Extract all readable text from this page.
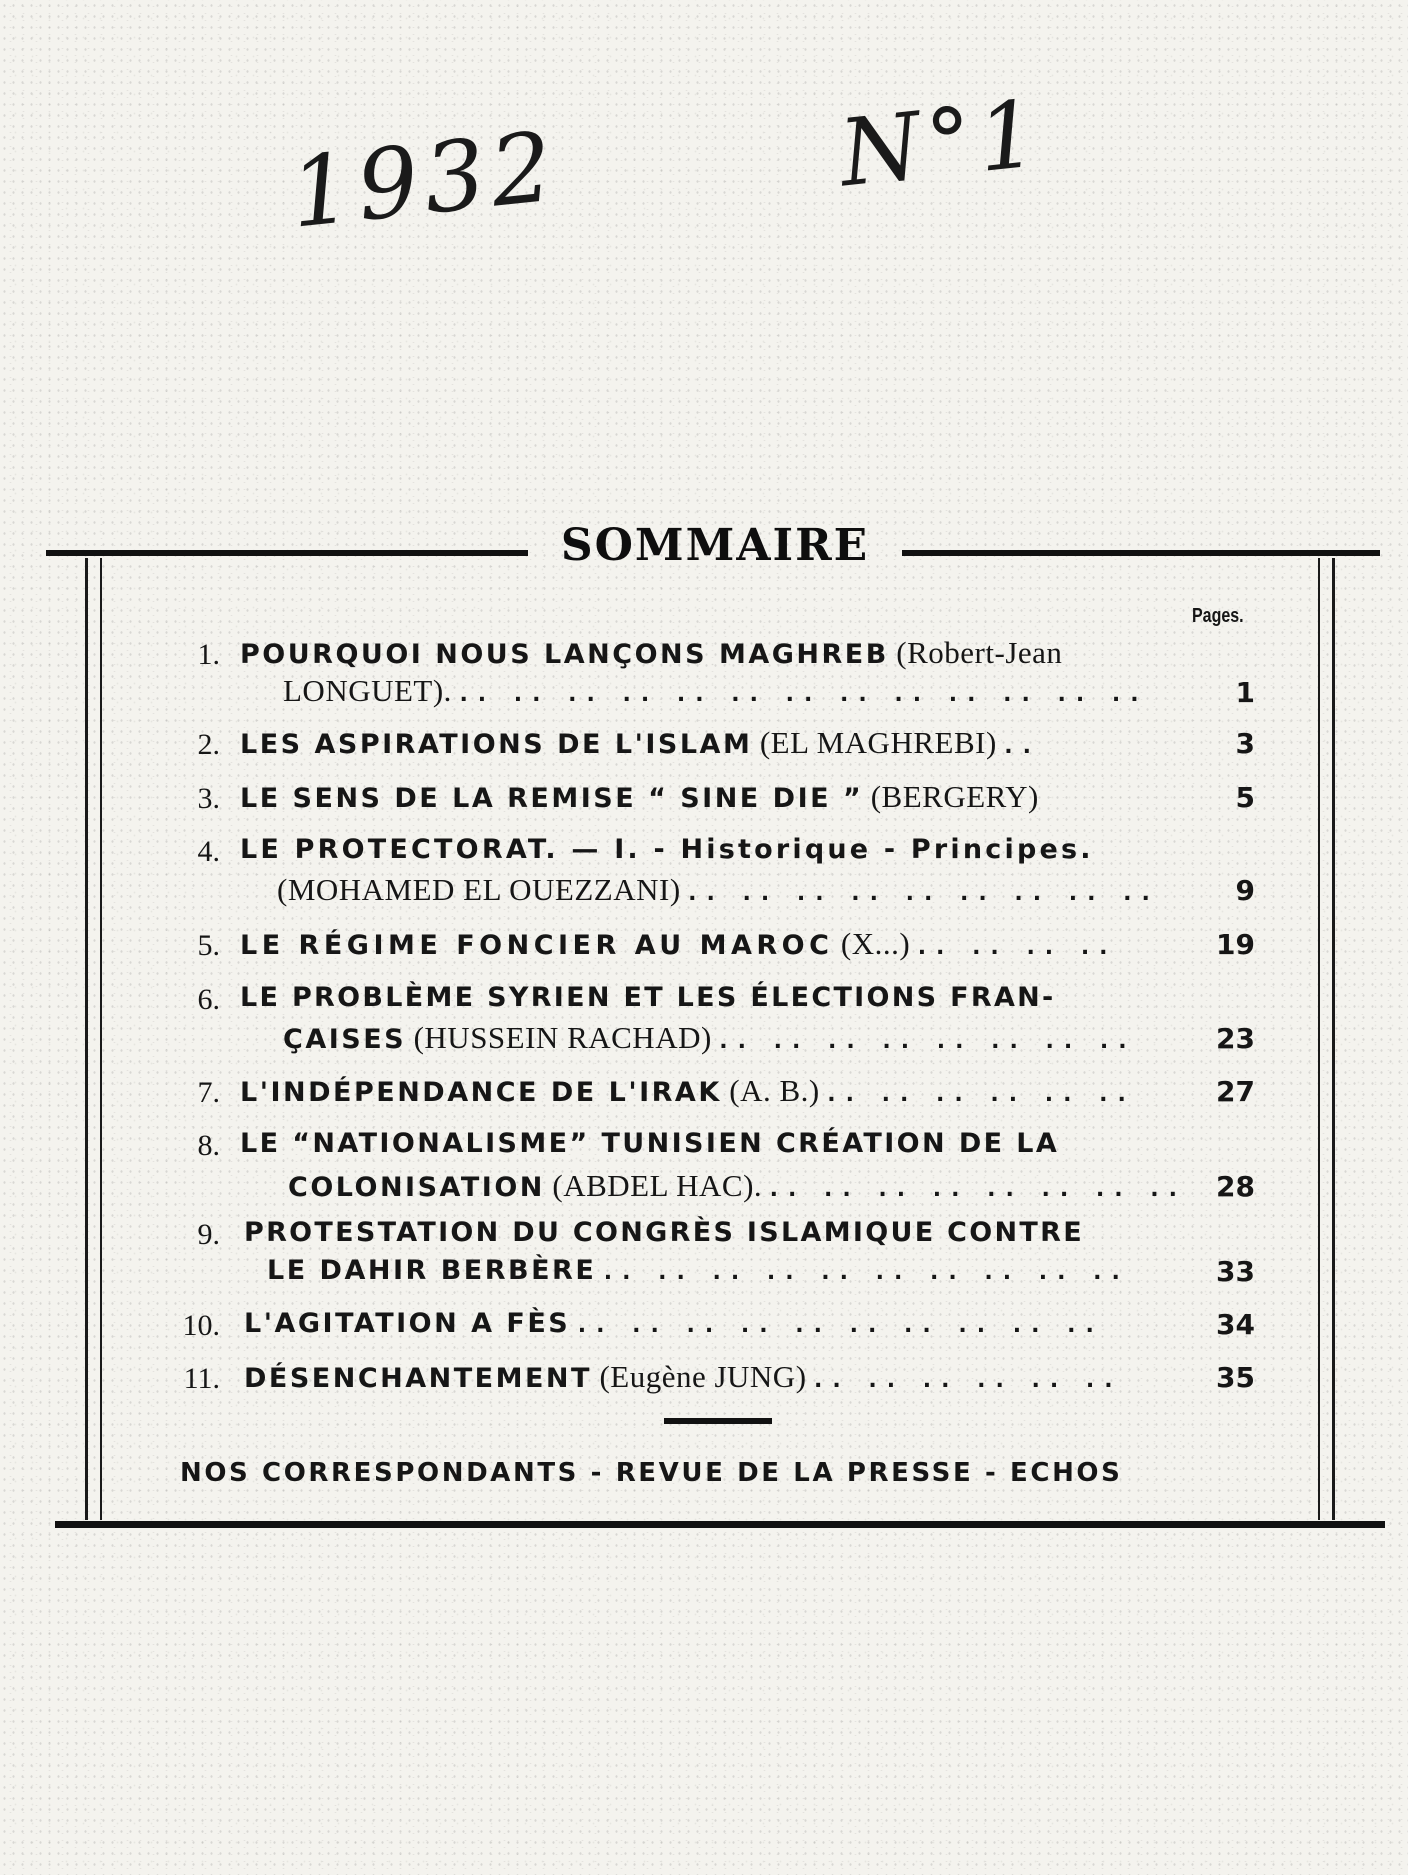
1932	N°1
SOMMAIRE
Pages.
1. POURQUOI NOUS LANÇONS MAGHREB (Robert-Jean
LONGUET). .. .. .. .. .. .. .. .. .. .. .. .. ..	1
2. LES ASPIRATIONS DE L'ISLAM (EL MAGHREBI) ..	3
3. LE SENS DE LA REMISE “ SINE DIE ” (BERGERY)	5
4. LE PROTECTORAT. — I. - Historique - Principes.
(MOHAMED EL OUEZZANI) .. .. .. .. .. .. .. .. ..	9
5. LE RÉGIME FONCIER AU MAROC (X...) .. .. .. ..	19
6. LE PROBLÈME SYRIEN ET LES ÉLECTIONS FRAN-
ÇAISES (HUSSEIN RACHAD) .. .. .. .. .. .. .. ..	23
7. L'INDÉPENDANCE DE L'IRAK (A. B.) .. .. .. .. .. ..	27
8. LE “NATIONALISME” TUNISIEN CRÉATION DE LA
COLONISATION (ABDEL HAC). .. .. .. .. .. .. .. ..	28
9. PROTESTATION DU CONGRÈS ISLAMIQUE CONTRE
LE DAHIR BERBÈRE .. .. .. .. .. .. .. .. .. ..	33
10. L'AGITATION A FÈS .. .. .. .. .. .. .. .. .. ..	34
11. DÉSENCHANTEMENT (Eugène JUNG) .. .. .. .. .. ..	35
NOS CORRESPONDANTS - REVUE DE LA PRESSE - ECHOS
